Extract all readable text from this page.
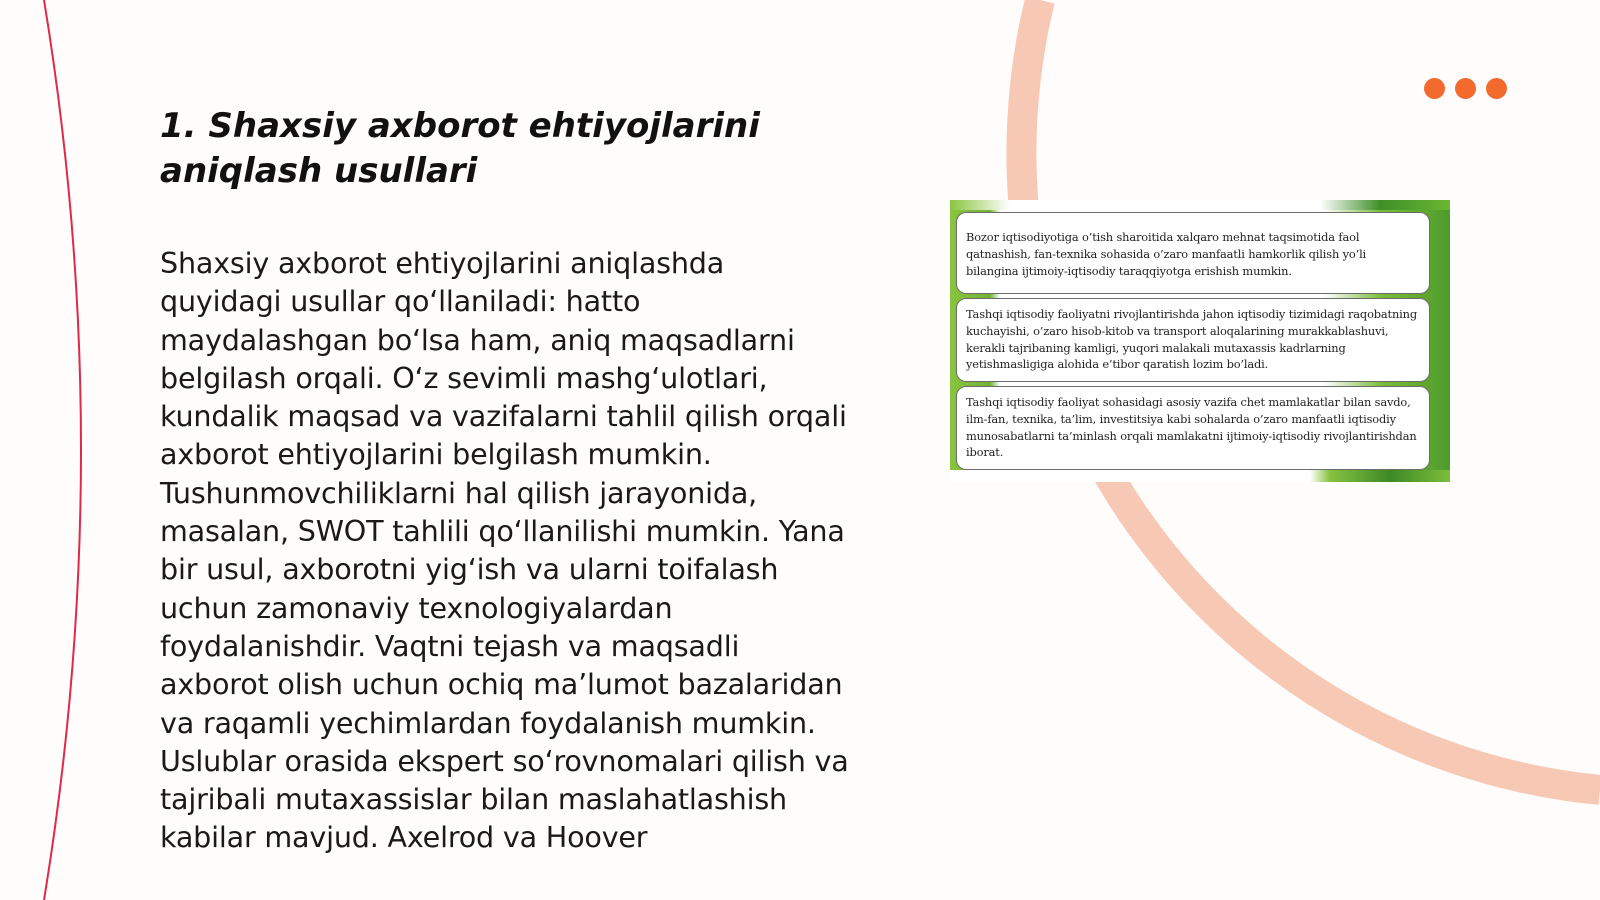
1. Shaxsiy axborot ehtiyojlarini aniqlash usullari

Shaxsiy axborot ehtiyojlarini aniqlashda quyidagi usullar qo‘llaniladi: hatto maydalashgan bo‘lsa ham, aniq maqsadlarni belgilash orqali. O‘z sevimli mashg‘ulotlari, kundalik maqsad va vazifalarni tahlil qilish orqali axborot ehtiyojlarini belgilash mumkin. Tushunmovchiliklarni hal qilish jarayonida, masalan, SWOT tahlili qo‘llanilishi mumkin. Yana bir usul, axborotni yig‘ish va ularni toifalash uchun zamonaviy texnologiyalardan foydalanishdir. Vaqtni tejash va maqsadli axborot olish uchun ochiq ma’lumot bazalaridan va raqamli yechimlardan foydalanish mumkin. Uslublar orasida ekspert so‘rovnomalari qilish va tajribali mutaxassislar bilan maslahatlashish kabilar mavjud. Axelrod va Hoover

Bozor iqtisodiyotiga o’tish sharoitida xalqaro mehnat taqsimotida faol qatnashish, fan-texnika sohasida o’zaro manfaatli hamkorlik qilish yo’li bilangina ijtimoiy-iqtisodiy taraqqiyotga erishish mumkin.
Tashqi iqtisodiy faoliyatni rivojlantirishda jahon iqtisodiy tizimidagi raqobatning kuchayishi, o’zaro hisob-kitob va transport aloqalarining murakkablashuvi, kerakli tajribaning kamligi, yuqori malakali mutaxassis kadrlarning yetishmasligiga alohida e’tibor qaratish lozim bo’ladi.
Tashqi iqtisodiy faoliyat sohasidagi asosiy vazifa chet mamlakatlar bilan savdo, ilm-fan, texnika, ta’lim, investitsiya kabi sohalarda o’zaro manfaatli iqtisodiy munosabatlarni ta’minlash orqali mamlakatni ijtimoiy-iqtisodiy rivojlantirishdan iborat.
